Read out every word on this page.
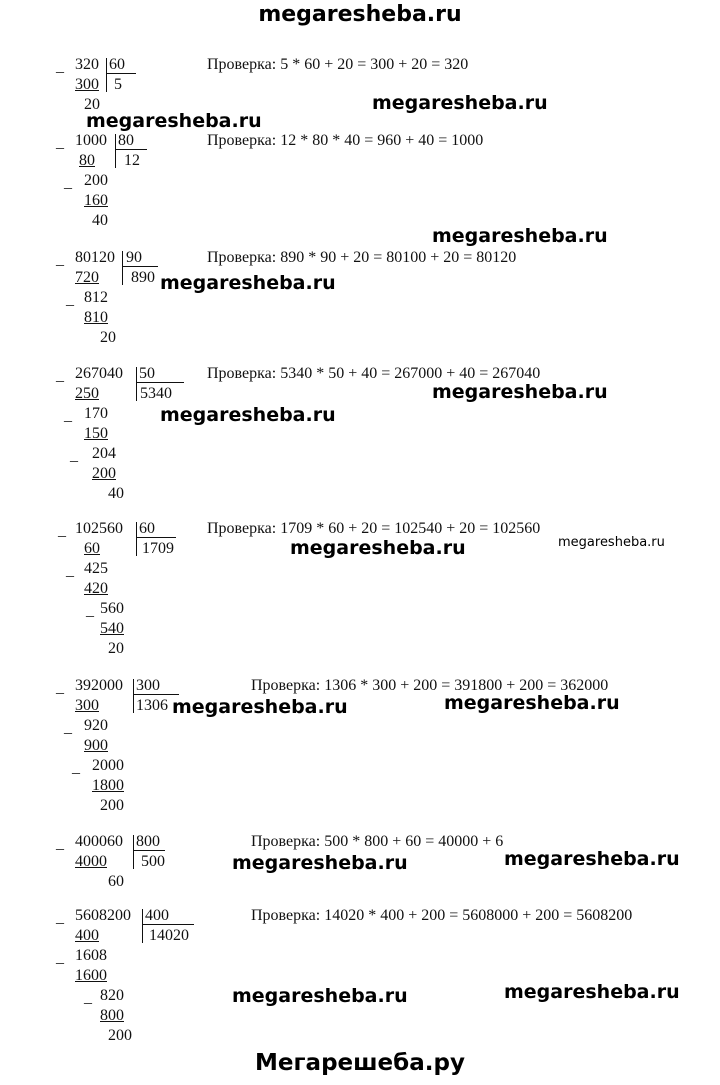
megaresheba.ru
_ 320 60
5
300
20
Проверка: 5 * 60 + 20 = 300 + 20 = 320
megaresheba.ru
megaresheba.ru
_ 1000 80
12
80
_ 200
160
40
Проверка: 12 * 80 * 40 = 960 + 40 = 1000
megaresheba.ru
_ 80120 90
890
720
_ 812
810
20
Проверка: 890 * 90 + 20 = 80100 + 20 = 80120
megaresheba.ru
_ 267040 50
5340
250
_ 170
150
_ 204
200
40
Проверка: 5340 * 50 + 40 = 267000 + 40 = 267040
megaresheba.ru
megaresheba.ru
_ 102560 60
1709
60
_ 425
420
_ 560
540
20
Проверка: 1709 * 60 + 20 = 102540 + 20 = 102560
megaresheba.ru	megaresheba.ru
_ 392000 300
1306
300
_ 920
900
_ 2000
1800
200
Проверка: 1306 * 300 + 200 = 391800 + 200 = 362000
megaresheba.ru	megaresheba.ru
_ 400060 800
500
4000
60
Проверка: 500 * 800 + 60 = 40000 + 6
megaresheba.ru	megaresheba.ru
_ 5608200 400
14020
400
_ 1608
1600
_ 820
800
200
Проверка: 14020 * 400 + 200 = 5608000 + 200 = 5608200
megaresheba.ru	megaresheba.ru
Мегарешеба.ру
